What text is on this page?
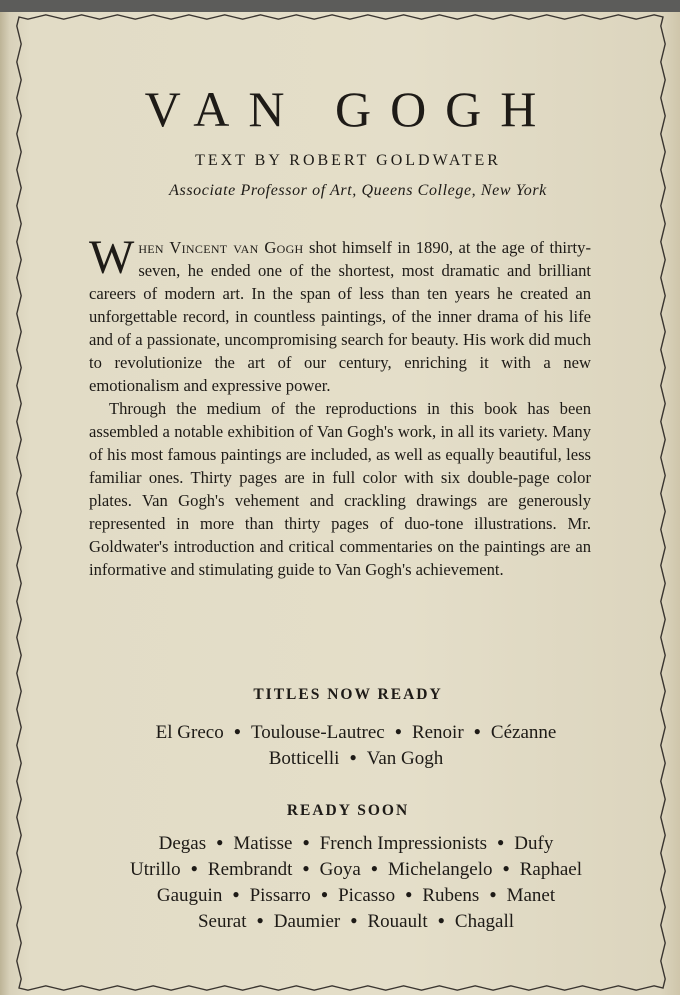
VAN GOGH
TEXT BY ROBERT GOLDWATER
Associate Professor of Art, Queens College, New York

When Vincent van Gogh shot himself in 1890, at the age of thirty-seven, he ended one of the shortest, most dramatic and brilliant careers of modern art. In the span of less than ten years he created an unforgettable record, in countless paintings, of the inner drama of his life and of a passionate, uncompromising search for beauty. His work did much to revolutionize the art of our century, enriching it with a new emotionalism and expressive power.

Through the medium of the reproductions in this book has been assembled a notable exhibition of Van Gogh's work, in all its variety. Many of his most famous paintings are included, as well as equally beautiful, less familiar ones. Thirty pages are in full color with six double-page color plates. Van Gogh's vehement and crackling drawings are generously represented in more than thirty pages of duo-tone illustrations. Mr. Goldwater's introduction and critical commentaries on the paintings are an informative and stimulating guide to Van Gogh's achievement.

TITLES NOW READY
El Greco ● Toulouse-Lautrec ● Renoir ● Cézanne
Botticelli ● Van Gogh
READY SOON
Degas ● Matisse ● French Impressionists ● Dufy
Utrillo ● Rembrandt ● Goya ● Michelangelo ● Raphael
Gauguin ● Pissarro ● Picasso ● Rubens ● Manet
Seurat ● Daumier ● Rouault ● Chagall
